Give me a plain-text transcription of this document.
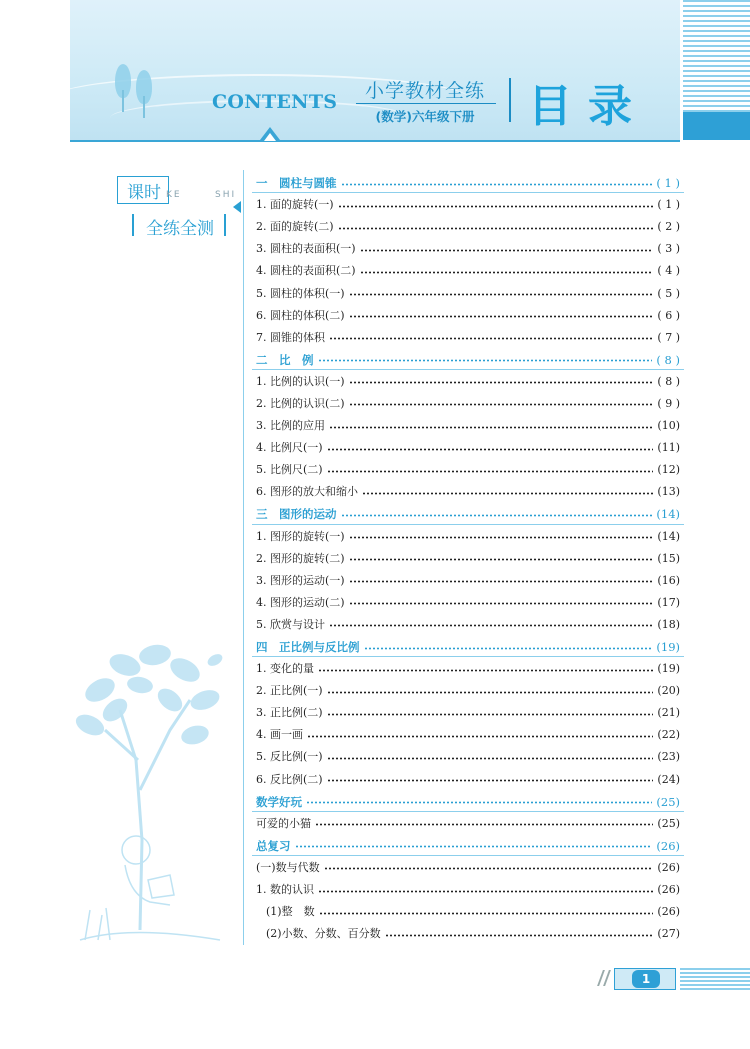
CONTENTS	小学教材全练
(数学)六年级下册	目录
课时 KE	SHI
全练全测
一　圆柱与圆锥	( 1 )
1. 面的旋转(一)	( 1 )
2. 面的旋转(二)	( 2 )
3. 圆柱的表面积(一)	( 3 )
4. 圆柱的表面积(二)	( 4 )
5. 圆柱的体积(一)	( 5 )
6. 圆柱的体积(二)	( 6 )
7. 圆锥的体积	( 7 )
二　比　例	( 8 )
1. 比例的认识(一)	( 8 )
2. 比例的认识(二)	( 9 )
3. 比例的应用	(10)
4. 比例尺(一)	(11)
5. 比例尺(二)	(12)
6. 图形的放大和缩小	(13)
三　图形的运动	(14)
1. 图形的旋转(一)	(14)
2. 图形的旋转(二)	(15)
3. 图形的运动(一)	(16)
4. 图形的运动(二)	(17)
5. 欣赏与设计	(18)
四　正比例与反比例	(19)
1. 变化的量	(19)
2. 正比例(一)	(20)
3. 正比例(二)	(21)
4. 画一画	(22)
5. 反比例(一)	(23)
6. 反比例(二)	(24)
数学好玩	(25)
可爱的小猫	(25)
总复习	(26)
(一)数与代数	(26)
1. 数的认识	(26)
(1)整　数	(26)
(2)小数、分数、百分数	(27)
1
